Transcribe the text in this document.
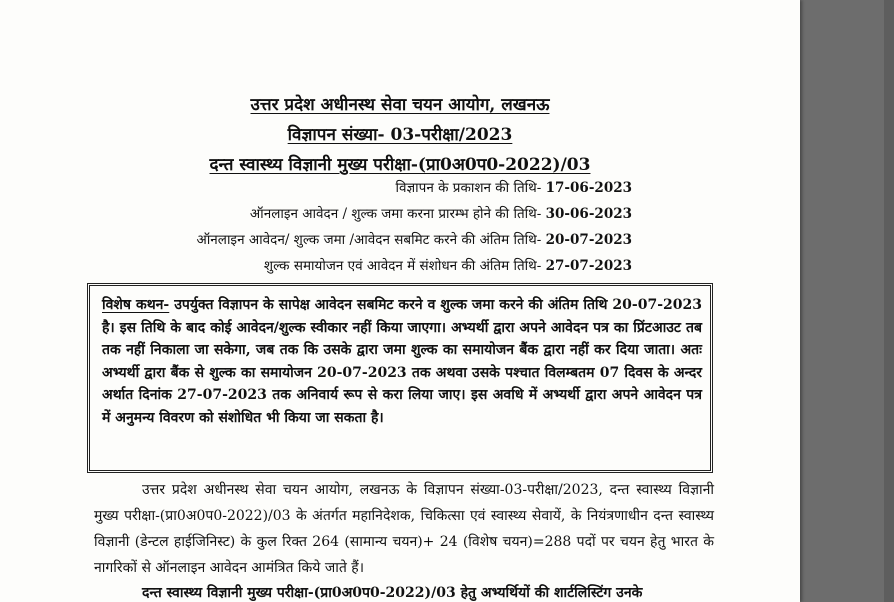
उत्तर प्रदेश अधीनस्थ सेवा चयन आयोग, लखनऊ
विज्ञापन संख्या- 03-परीक्षा/2023
दन्त स्वास्थ्य विज्ञानी मुख्य परीक्षा-(प्रा0अ0प0-2022)/03
विज्ञापन के प्रकाशन की तिथि- 17-06-2023
ऑनलाइन आवेदन / शुल्क जमा करना प्रारम्भ होने की तिथि- 30-06-2023
ऑनलाइन आवेदन/ शुल्क जमा /आवेदन सबमिट करने की अंतिम तिथि- 20-07-2023
शुल्क समायोजन एवं आवेदन में संशोधन की अंतिम तिथि- 27-07-2023
विशेष कथन- उपर्युक्त विज्ञापन के सापेक्ष आवेदन सबमिट करने व शुल्क जमा करने की अंतिम तिथि 20-07-2023 है। इस तिथि के बाद कोई आवेदन/शुल्क स्वीकार नहीं किया जाएगा। अभ्यर्थी द्वारा अपने आवेदन पत्र का प्रिंटआउट तब तक नहीं निकाला जा सकेगा, जब तक कि उसके द्वारा जमा शुल्क का समायोजन बैंक द्वारा नहीं कर दिया जाता। अतः अभ्यर्थी द्वारा बैंक से शुल्क का समायोजन 20-07-2023 तक अथवा उसके पश्चात विलम्बतम 07 दिवस के अन्दर अर्थात दिनांक 27-07-2023 तक अनिवार्य रूप से करा लिया जाए। इस अवधि में अभ्यर्थी द्वारा अपने आवेदन पत्र में अनुमन्य विवरण को संशोधित भी किया जा सकता है।
उत्तर प्रदेश अधीनस्थ सेवा चयन आयोग, लखनऊ के विज्ञापन संख्या-03-परीक्षा/2023, दन्त स्वास्थ्य विज्ञानी मुख्य परीक्षा-(प्रा0अ0प0-2022)/03 के अंतर्गत महानिदेशक, चिकित्सा एवं स्वास्थ्य सेवायें, के नियंत्रणाधीन दन्त स्वास्थ्य विज्ञानी (डेन्टल हाईजिनिस्ट) के कुल रिक्त 264 (सामान्य चयन)+ 24 (विशेष चयन)=288 पदों पर चयन हेतु भारत के नागरिकों से ऑनलाइन आवेदन आमंत्रित किये जाते हैं।
दन्त स्वास्थ्य विज्ञानी मुख्य परीक्षा-(प्रा0अ0प0-2022)/03 हेतु अभ्यर्थियों की शार्टलिस्टिंग उनके
